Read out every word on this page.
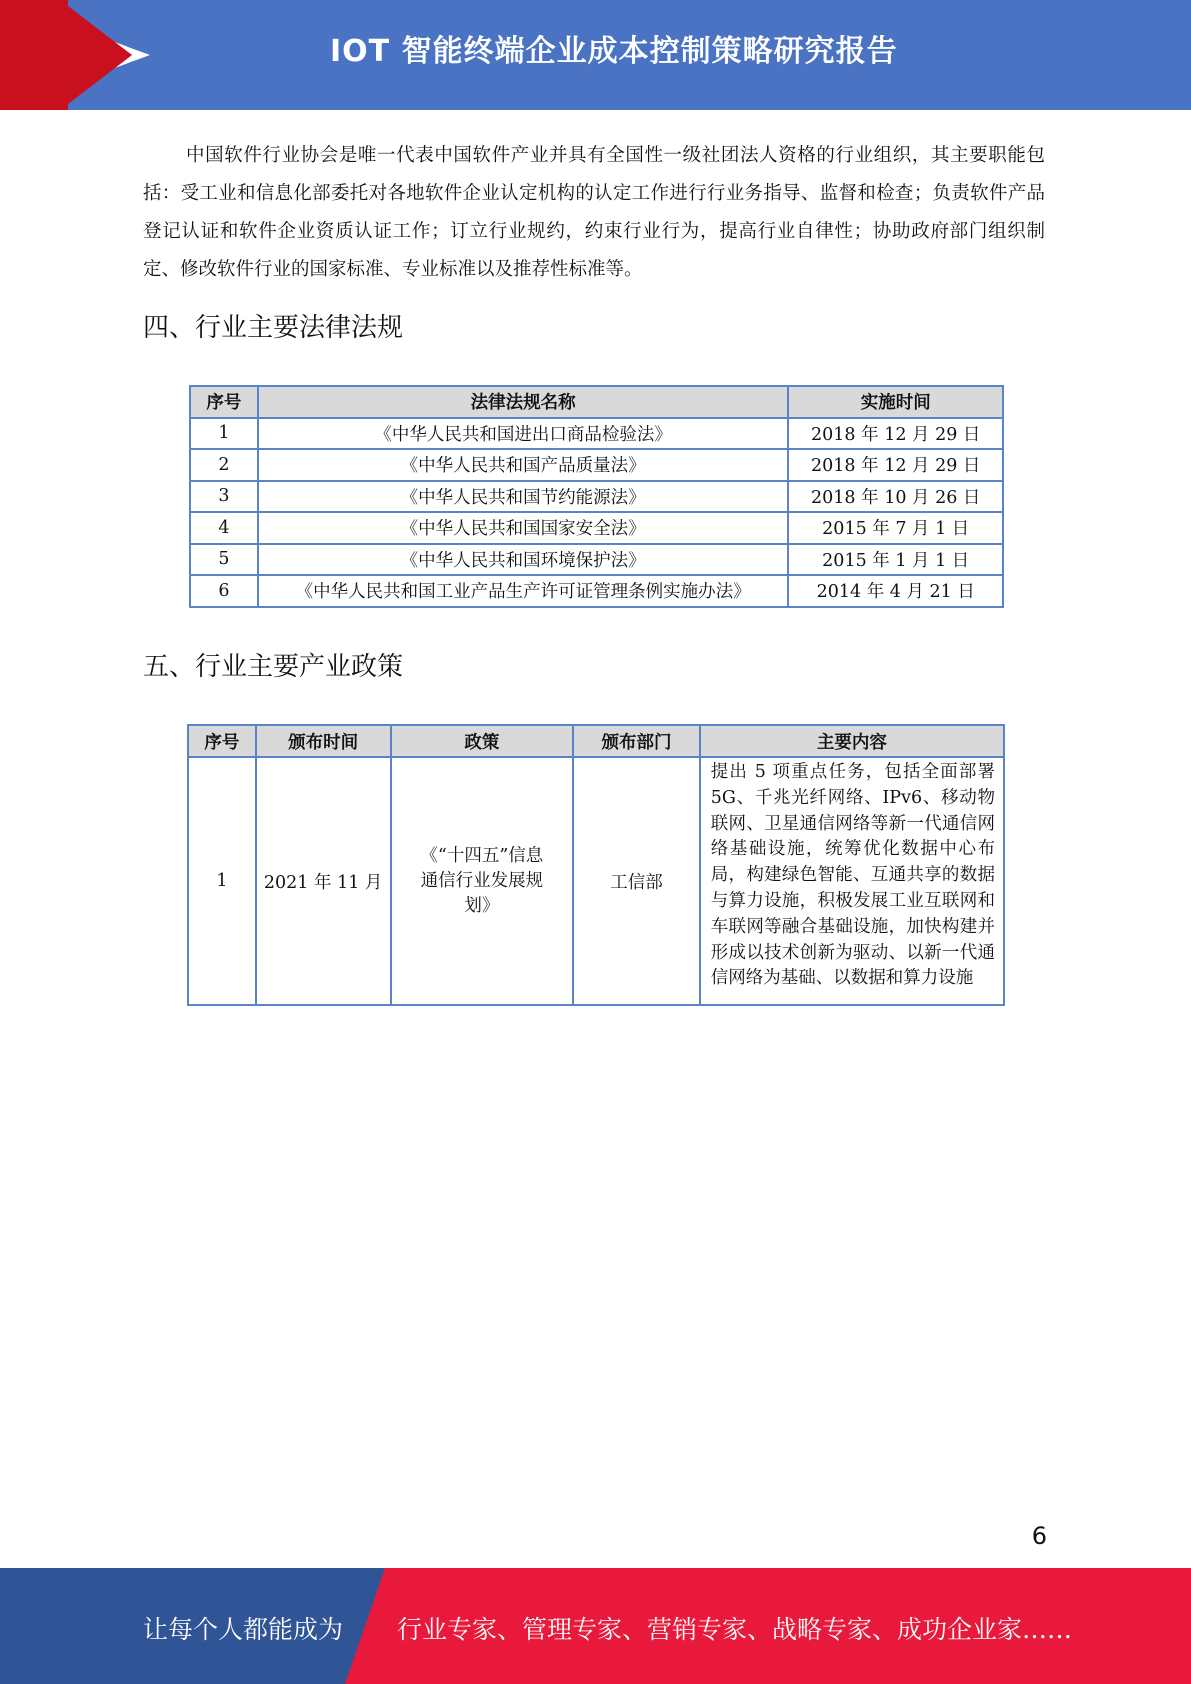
IOT 智能终端企业成本控制策略研究报告
中国软件行业协会是唯一代表中国软件产业并具有全国性一级社团法人资格的行业组织，其主要职能包括：受工业和信息化部委托对各地软件企业认定机构的认定工作进行行业务指导、监督和检查；负责软件产品登记认证和软件企业资质认证工作；订立行业规约，约束行业行为，提高行业自律性；协助政府部门组织制定、修改软件行业的国家标准、专业标准以及推荐性标准等。
四、行业主要法律法规
序号	法律法规名称	实施时间
1	《中华人民共和国进出口商品检验法》	2018 年 12 月 29 日
2	《中华人民共和国产品质量法》	2018 年 12 月 29 日
3	《中华人民共和国节约能源法》	2018 年 10 月 26 日
4	《中华人民共和国国家安全法》	2015 年 7 月 1 日
5	《中华人民共和国环境保护法》	2015 年 1 月 1 日
6	《中华人民共和国工业产品生产许可证管理条例实施办法》	2014 年 4 月 21 日
五、行业主要产业政策
序号	颁布时间	政策	颁布部门	主要内容
1	2021 年 11 月	《“十四五”信息通信行业发展规划》	工信部	提出 5 项重点任务，包括全面部署 5G、千兆光纤网络、IPv6、移动物联网、卫星通信网络等新一代通信网络基础设施，统筹优化数据中心布局，构建绿色智能、互通共享的数据与算力设施，积极发展工业互联网和车联网等融合基础设施，加快构建并形成以技术创新为驱动、以新一代通信网络为基础、以数据和算力设施
6
让每个人都能成为 行业专家、管理专家、营销专家、战略专家、成功企业家……
